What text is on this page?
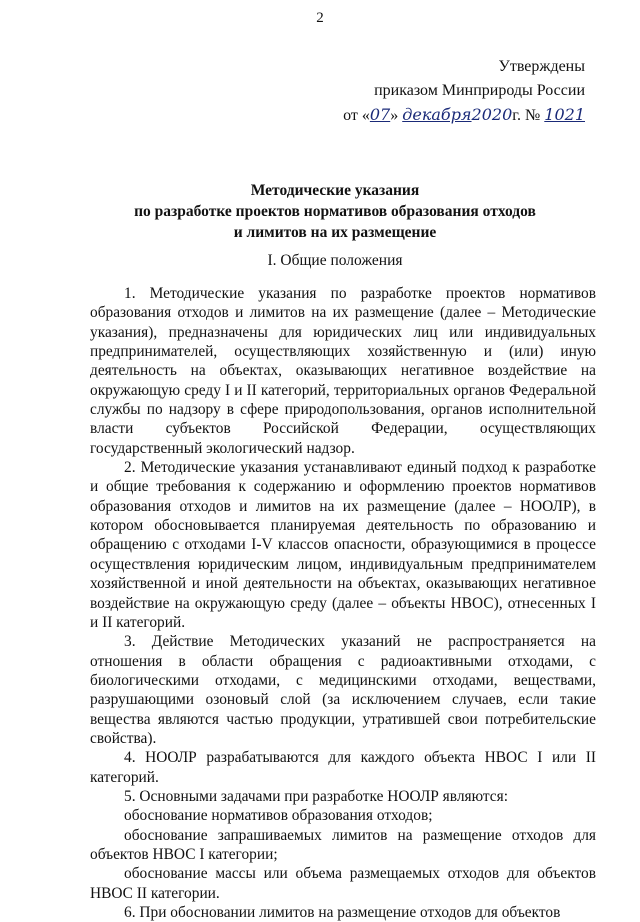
2
Утверждены
приказом Минприроды России
от «07» декабря2020г. № 1021
Методические указания
по разработке проектов нормативов образования отходов
и лимитов на их размещение
I. Общие положения

1. Методические указания по разработке проектов нормативов образования отходов и лимитов на их размещение (далее – Методические указания), предназначены для юридических лиц или индивидуальных предпринимателей, осуществляющих хозяйственную и (или) иную деятельность на объектах, оказывающих негативное воздействие на окружающую среду I и II категорий, территориальных органов Федеральной службы по надзору в сфере природопользования, органов исполнительной власти субъектов Российской Федерации, осуществляющих государственный экологический надзор.

2. Методические указания устанавливают единый подход к разработке и общие требования к содержанию и оформлению проектов нормативов образования отходов и лимитов на их размещение (далее – НООЛР), в котором обосновывается планируемая деятельность по образованию и обращению с отходами I-V классов опасности, образующимися в процессе осуществления юридическим лицом, индивидуальным предпринимателем хозяйственной и иной деятельности на объектах, оказывающих негативное воздействие на окружающую среду (далее – объекты НВОС), отнесенных I и II категорий.

3. Действие Методических указаний не распространяется на отношения в области обращения с радиоактивными отходами, с биологическими отходами, с медицинскими отходами, веществами, разрушающими озоновый слой (за исключением случаев, если такие вещества являются частью продукции, утратившей свои потребительские свойства).

4. НООЛР разрабатываются для каждого объекта НВОС I или II категорий.

5. Основными задачами при разработке НООЛР являются:

обоснование нормативов образования отходов;

обоснование запрашиваемых лимитов на размещение отходов для объектов НВОС I категории;

обоснование массы или объема размещаемых отходов для объектов НВОС II категории.

6. При обосновании лимитов на размещение отходов для объектов
